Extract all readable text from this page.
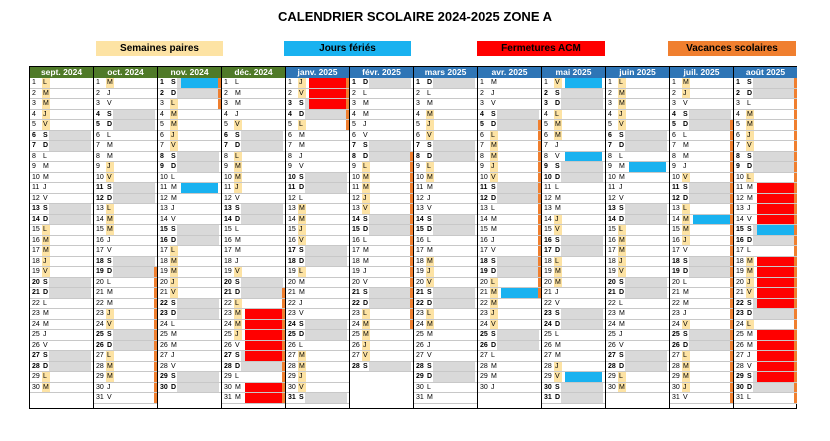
CALENDRIER SCOLAIRE 2024-2025 ZONE A
Semaines paires	Jours fériés	Fermetures ACM	Vacances scolaires
sept. 2024
1	L
2	M
3	M
4	J
5	V
6	S
7	D
8	L
9	M
10 M
11 J
12 V
13 S
14 D
15 L
16 M
17 M
18 J
19 V
20 S
21 D
22 L
23 M
24 M
25 J
26 V
27 S
28 D
29 L
30 M
oct. 2024
1	M
2	J
3	V
4	S
5	D
6	L
7	M
8	M
9	J
10 V
11 S
12 D
13 L
14 M
15 M
16 J
17 V
18 S
19 D
20 L
21 M
22 M
23 J
24 V
25 S
26 D
27 L
28 M
29 M
30 J
31 V
nov. 2024
1	S
2	D
3	L
4	M
5	M
6	J
7	V
8	S
9	D
10 L
11 M
12 M
13 J
14 V
15 S
16 D
17 L
18 M
19 M
20 J
21 V
22 S
23 D
24 L
25 M
26 M
27 J
28 V
29 S
30 D
déc. 2024
1	L
2	M
3	M
4	J
5	V
6	S
7	D
8	L
9	M
10 M
11 J
12 V
13 S
14 D
15 L
16 M
17 M
18 J
19 V
20 S
21 D
22 L
23 M
24 M
25 J
26 V
27 S
28 D
29 L
30 M
31 M
janv. 2025
1	J
2	V
3	S
4	D
5	L
6	M
7	M
8	J
9	V
10 S
11 D
12 L
13 M
14 M
15 J
16 V
17 S
18 D
19 L
20 M
21 M
22 J
23 V
24 S
25 D
26 L
27 M
28 M
29 J
30 V
31 S
févr. 2025
1	D
2	L
3	M
4	M
5	J
6	V
7	S
8	D
9	L
10 M
11 M
12 J
13 V
14 S
15 D
16 L
17 M
18 M
19 J
20 V
21 S
22 D
23 L
24 M
25 M
26 J
27 V
28 S
mars 2025
1	D
2	L
3	M
4	M
5	J
6	V
7	S
8	D
9	L
10 M
11 M
12 J
13 V
14 S
15 D
16 L
17 M
18 M
19 J
20 V
21 S
22 D
23 L
24 M
25 M
26 J
27 V
28 S
29 D
30 L
31 M
avr. 2025
1	M
2	J
3	V
4	S
5	D
6	L
7	M
8	M
9	J
10 V
11 S
12 D
13 L
14 M
15 M
16 J
17 V
18 S
19 D
20 L
21 M
22 M
23 J
24 V
25 S
26 D
27 L
28 M
29 M
30 J
mai 2025
1	V
2	S
3	D
4	L
5	M
6	M
7	J
8	V
9	S
10 D
11 L
12 M
13 M
14 J
15 V
16 S
17 D
18 L
19 M
20 M
21 J
22 V
23 S
24 D
25 L
26 M
27 M
28 J
29 V
30 S
31 D
juin 2025
1	L
2	M
3	M
4	J
5	V
6	S
7	D
8	L
9	M
10 M
11 J
12 V
13 S
14 D
15 L
16 M
17 M
18 J
19 V
20 S
21 D
22 L
23 M
24 M
25 J
26 V
27 S
28 D
29 L
30 M
juil. 2025
1	M
2	J
3	V
4	S
5	D
6	L
7	M
8	M
9	J
10 V
11 S
12 D
13 L
14 M
15 M
16 J
17 V
18 S
19 D
20 L
21 M
22 M
23 J
24 V
25 S
26 D
27 L
28 M
29 M
30 J
31 V
août 2025
1	S
2	D
3	L
4	M
5	M
6	J
7	V
8	S
9	D
10 L
11 M
12 M
13 J
14 V
15 S
16 D
17 L
18 M
19 M
20 J
21 V
22 S
23 D
24 L
25 M
26 M
27 J
28 V
29 S
30 D
31 L
